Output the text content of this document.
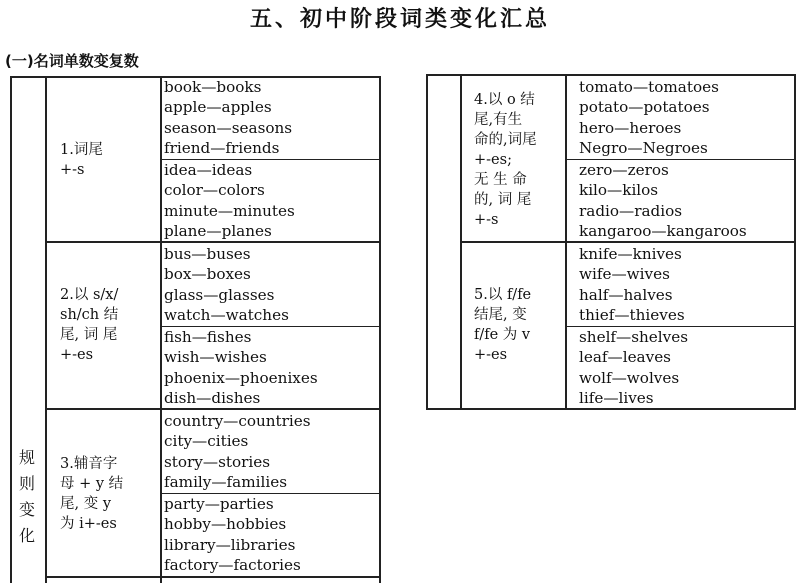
五、初中阶段词类变化汇总
(一)名词单数变复数
规
则
变
化
1.词尾
+-s
book—books
apple—apples
season—seasons
friend—friends
idea—ideas
color—colors
minute—minutes
plane—planes
2.以 s/x/
sh/ch 结
尾, 词 尾
+-es
bus—buses
box—boxes
glass—glasses
watch—watches
fish—fishes
wish—wishes
phoenix—phoenixes
dish—dishes
3.辅音字
母 + y 结
尾, 变 y
为 i+-es
country—countries
city—cities
story—stories
family—families
party—parties
hobby—hobbies
library—libraries
factory—factories
4.以 o 结
尾,有生
命的,词尾
+-es;
无 生 命
的, 词 尾
+-s
tomato—tomatoes
potato—potatoes
hero—heroes
Negro—Negroes
zero—zeros
kilo—kilos
radio—radios
kangaroo—kangaroos
5.以 f/fe
结尾, 变
f/fe 为 v
+-es
knife—knives
wife—wives
half—halves
thief—thieves
shelf—shelves
leaf—leaves
wolf—wolves
life—lives
